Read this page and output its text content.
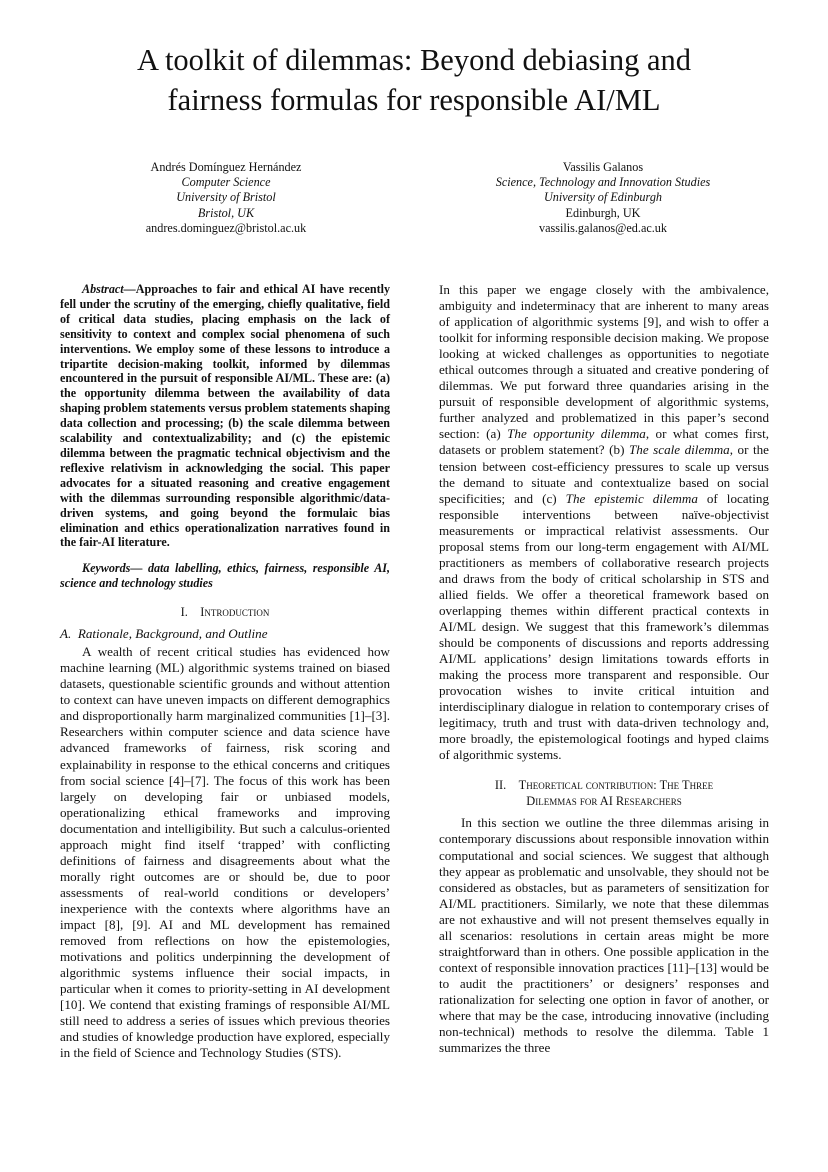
A toolkit of dilemmas: Beyond debiasing and
fairness formulas for responsible AI/ML
Andrés Domínguez Hernández
Computer Science
University of Bristol
Bristol, UK
andres.dominguez@bristol.ac.uk
Vassilis Galanos
Science, Technology and Innovation Studies
University of Edinburgh
Edinburgh, UK
vassilis.galanos@ed.ac.uk

Abstract—Approaches to fair and ethical AI have recently fell under the scrutiny of the emerging, chiefly qualitative, field of critical data studies, placing emphasis on the lack of sensitivity to context and complex social phenomena of such interventions. We employ some of these lessons to introduce a tripartite decision-making toolkit, informed by dilemmas encountered in the pursuit of responsible AI/ML. These are: (a) the opportunity dilemma between the availability of data shaping problem statements versus problem statements shaping data collection and processing; (b) the scale dilemma between scalability and contextualizability; and (c) the epistemic dilemma between the pragmatic technical objectivism and the reflexive relativism in acknowledging the social. This paper advocates for a situated reasoning and creative engagement with the dilemmas surrounding responsible algorithmic/data-driven systems, and going beyond the formulaic bias elimination and ethics operationalization narratives found in the fair-AI literature.

Keywords— data labelling, ethics, fairness, responsible AI, science and technology studies

I. Introduction

A. Rationale, Background, and Outline

A wealth of recent critical studies has evidenced how machine learning (ML) algorithmic systems trained on biased datasets, questionable scientific grounds and without attention to context can have uneven impacts on different demographics and disproportionally harm marginalized communities [1]–[3]. Researchers within computer science and data science have advanced frameworks of fairness, risk scoring and explainability in response to the ethical concerns and critiques from social science [4]–[7]. The focus of this work has been largely on developing fair or unbiased models, operationalizing ethical frameworks and improving documentation and intelligibility. But such a calculus-oriented approach might find itself ‘trapped’ with conflicting definitions of fairness and disagreements about what the morally right outcomes are or should be, due to poor assessments of real-world conditions or developers’ inexperience with the contexts where algorithms have an impact [8], [9]. AI and ML development has remained removed from reflections on how the epistemologies, motivations and politics underpinning the development of algorithmic systems influence their social impacts, in particular when it comes to priority-setting in AI development [10]. We contend that existing framings of responsible AI/ML still need to address a series of issues which previous theories and studies of knowledge production have explored, especially in the field of Science and Technology Studies (STS).

In this paper we engage closely with the ambivalence, ambiguity and indeterminacy that are inherent to many areas of application of algorithmic systems [9], and wish to offer a toolkit for informing responsible decision making. We propose looking at wicked challenges as opportunities to negotiate ethical outcomes through a situated and creative pondering of dilemmas. We put forward three quandaries arising in the pursuit of responsible development of algorithmic systems, further analyzed and problematized in this paper’s second section: (a) The opportunity dilemma, or what comes first, datasets or problem statement? (b) The scale dilemma, or the tension between cost-efficiency pressures to scale up versus the demand to situate and contextualize based on social specificities; and (c) The epistemic dilemma of locating responsible interventions between naïve-objectivist measurements or impractical relativist assessments. Our proposal stems from our long-term engagement with AI/ML practitioners as members of collaborative research projects and draws from the body of critical scholarship in STS and allied fields. We offer a theoretical framework based on overlapping themes within different practical contexts in AI/ML design. We suggest that this framework’s dilemmas should be components of discussions and reports addressing AI/ML applications’ design limitations towards efforts in making the process more transparent and responsible. Our provocation wishes to invite critical intuition and interdisciplinary dialogue in relation to contemporary crises of legitimacy, truth and trust with data-driven technology and, more broadly, the epistemological footings and hyped claims of algorithmic systems.

II. Theoretical contribution: The Three
Dilemmas for AI Researchers

In this section we outline the three dilemmas arising in contemporary discussions about responsible innovation within computational and social sciences. We suggest that although they appear as problematic and unsolvable, they should not be considered as obstacles, but as parameters of sensitization for AI/ML practitioners. Similarly, we note that these dilemmas are not exhaustive and will not present themselves equally in all scenarios: resolutions in certain areas might be more straightforward than in others. One possible application in the context of responsible innovation practices [11]–[13] would be to audit the practitioners’ or designers’ responses and rationalization for selecting one option in favor of another, or where that may be the case, introducing innovative (including non-technical) methods to resolve the dilemma. Table 1 summarizes the three
